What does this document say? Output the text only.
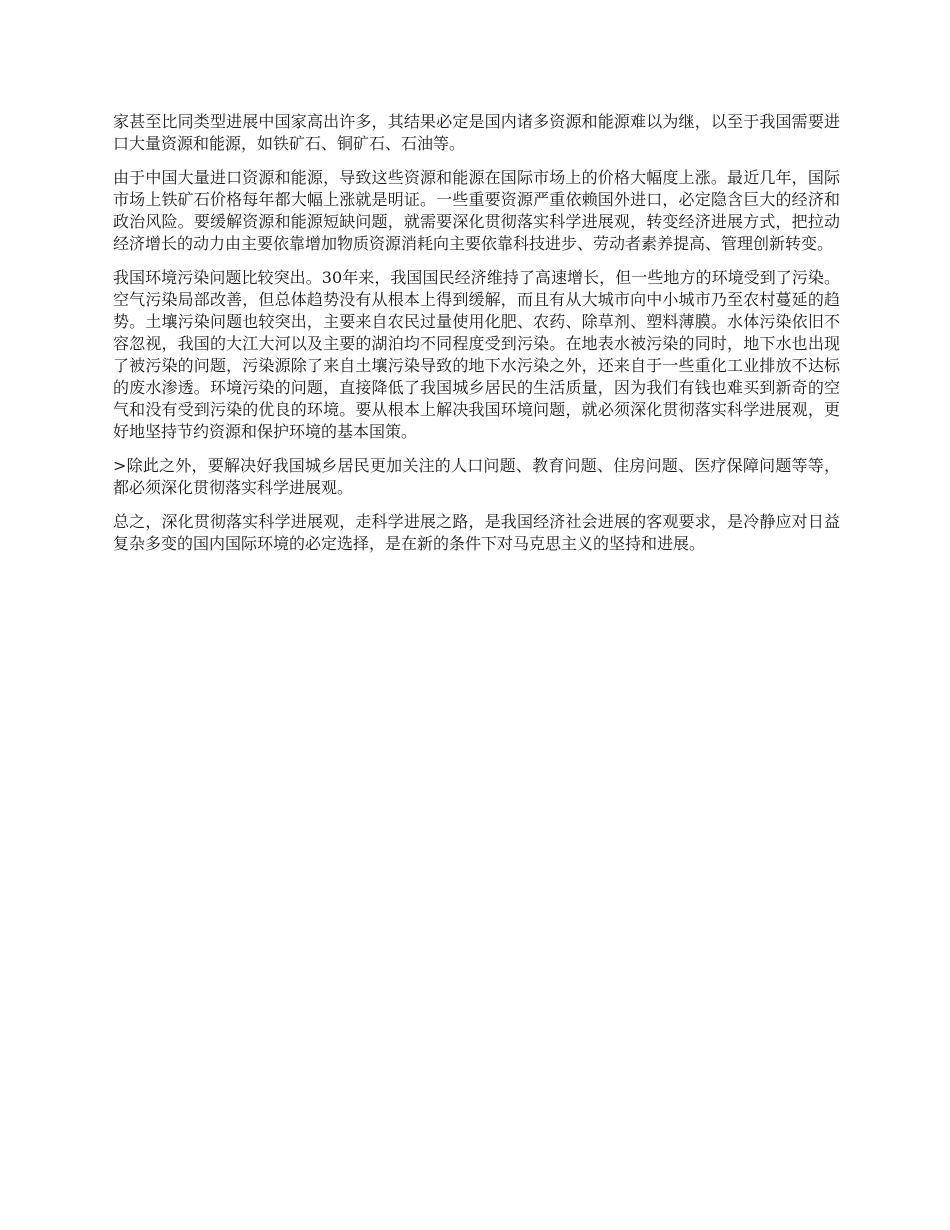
家甚至比同类型进展中国家高出许多，其结果必定是国内诸多资源和能源难以为继，以至于我国需要进口大量资源和能源，如铁矿石、铜矿石、石油等。

由于中国大量进口资源和能源，导致这些资源和能源在国际市场上的价格大幅度上涨。最近几年，国际市场上铁矿石价格每年都大幅上涨就是明证。一些重要资源严重依赖国外进口，必定隐含巨大的经济和政治风险。要缓解资源和能源短缺问题，就需要深化贯彻落实科学进展观，转变经济进展方式，把拉动经济增长的动力由主要依靠增加物质资源消耗向主要依靠科技进步、劳动者素养提高、管理创新转变。

我国环境污染问题比较突出。30年来，我国国民经济维持了高速增长，但一些地方的环境受到了污染。空气污染局部改善，但总体趋势没有从根本上得到缓解，而且有从大城市向中小城市乃至农村蔓延的趋势。土壤污染问题也较突出，主要来自农民过量使用化肥、农药、除草剂、塑料薄膜。水体污染依旧不容忽视，我国的大江大河以及主要的湖泊均不同程度受到污染。在地表水被污染的同时，地下水也出现了被污染的问题，污染源除了来自土壤污染导致的地下水污染之外，还来自于一些重化工业排放不达标的废水渗透。环境污染的问题，直接降低了我国城乡居民的生活质量，因为我们有钱也难买到新奇的空气和没有受到污染的优良的环境。要从根本上解决我国环境问题，就必须深化贯彻落实科学进展观，更好地坚持节约资源和保护环境的基本国策。

>除此之外，要解决好我国城乡居民更加关注的人口问题、教育问题、住房问题、医疗保障问题等等，都必须深化贯彻落实科学进展观。

总之，深化贯彻落实科学进展观，走科学进展之路，是我国经济社会进展的客观要求，是冷静应对日益复杂多变的国内国际环境的必定选择，是在新的条件下对马克思主义的坚持和进展。
